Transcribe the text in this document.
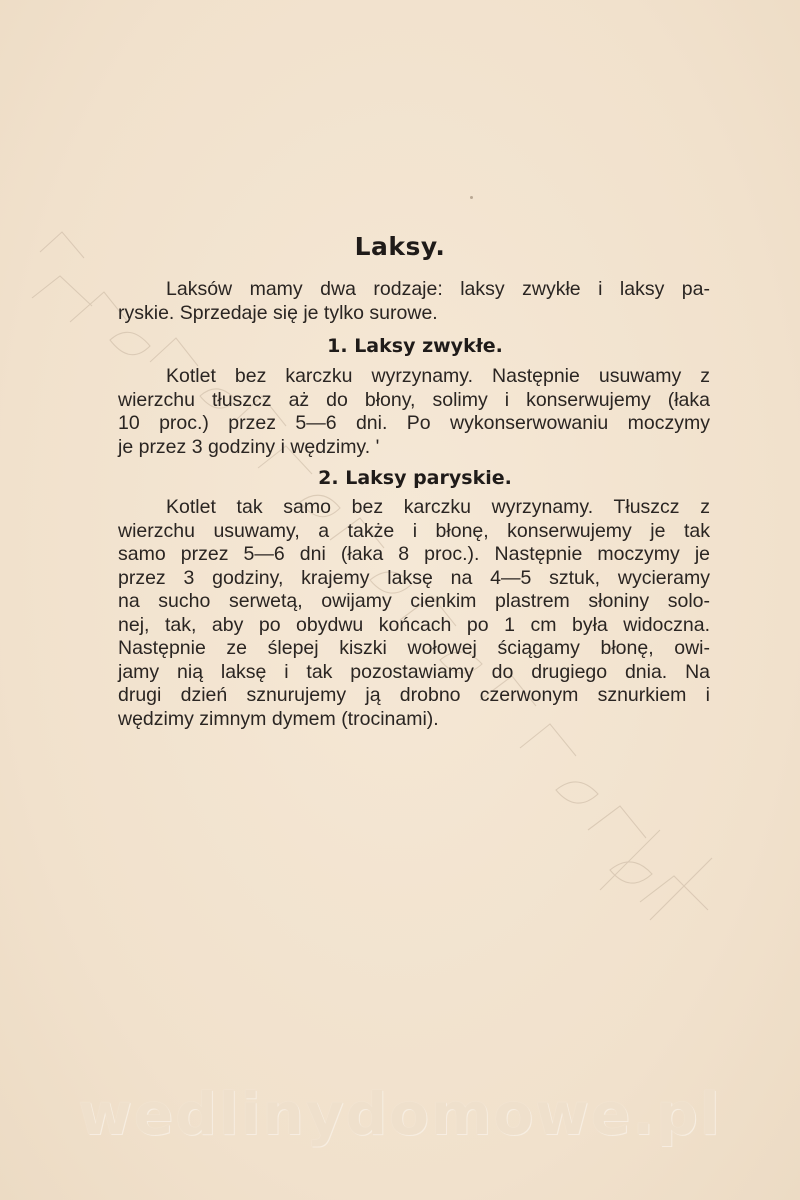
Laksy.
Laksów mamy dwa rodzaje: laksy zwykłe i laksy pa-
ryskie. Sprzedaje się je tylko surowe.
1. Laksy zwykłe.
Kotlet bez karczku wyrzynamy. Następnie usuwamy z
wierzchu tłuszcz aż do błony, solimy i konserwujemy (łaka
10 proc.) przez 5—6 dni. Po wykonserwowaniu moczymy
je przez 3 godziny i wędzimy. '
2. Laksy paryskie.
Kotlet tak samo bez karczku wyrzynamy. Tłuszcz z
wierzchu usuwamy, a także i błonę, konserwujemy je tak
samo przez 5—6 dni (łaka 8 proc.). Następnie moczymy je
przez 3 godziny, krajemy laksę na 4—5 sztuk, wycieramy
na sucho serwetą, owijamy cienkim plastrem słoniny solo-
nej, tak, aby po obydwu końcach po 1 cm była widoczna.
Następnie ze ślepej kiszki wołowej ściągamy błonę, owi-
jamy nią laksę i tak pozostawiamy do drugiego dnia. Na
drugi dzień sznurujemy ją drobno czerwonym sznurkiem i
wędzimy zimnym dymem (trocinami).
wedlinydomowe.pl
